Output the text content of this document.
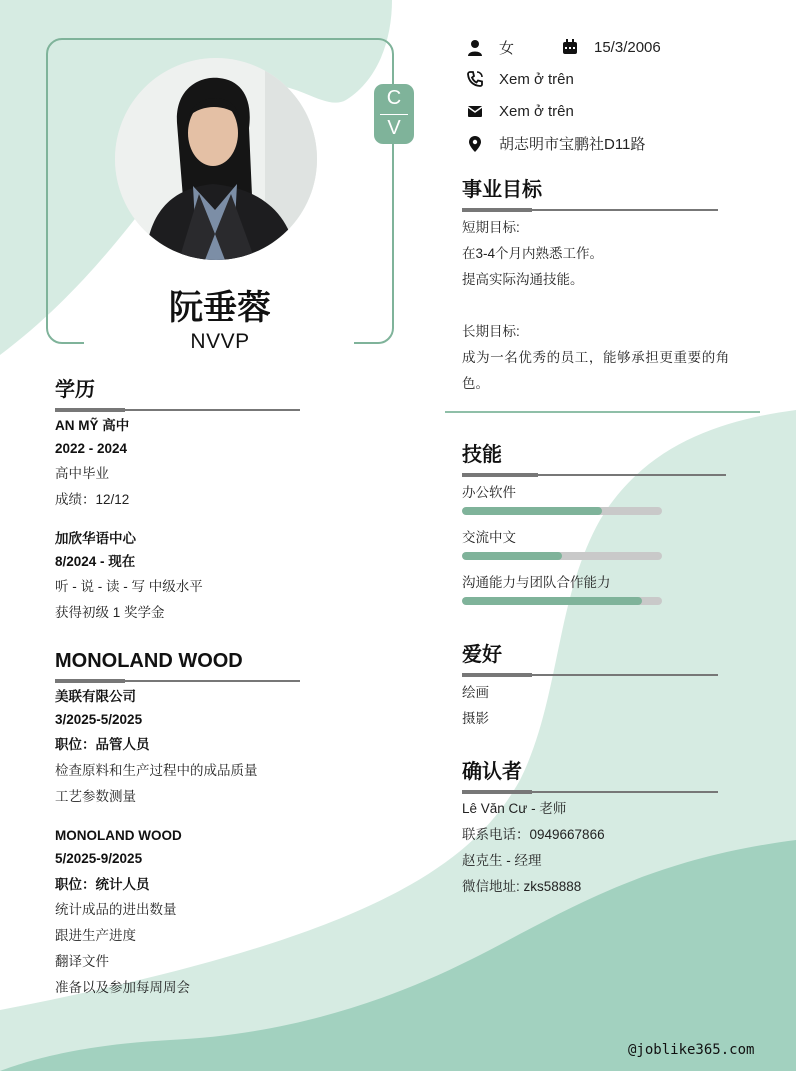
阮垂蓉
NVVP
C
V
女	15/3/2006
Xem ở trên
Xem ở trên
胡志明市宝鹏社D11路
事业目标
短期目标:
在3-4个月内熟悉工作。
提高实际沟通技能。
长期目标:
成为一名优秀的员工，能够承担更重要的角
色。
技能
办公软件
交流中文
沟通能力与团队合作能力
爱好
绘画
摄影
确认者
Lê Văn Cư - 老师
联系电话：0949667866
赵克生 - 经理
微信地址: zks58888
学历
AN MỸ 高中
2022 - 2024
高中毕业
成绩：12/12
加欣华语中心
8/2024 - 现在
听 - 说 - 读 - 写 中级水平
获得初级 1 奖学金
MONOLAND WOOD
美联有限公司
3/2025-5/2025
职位：品管人员
检查原料和生产过程中的成品质量
工艺参数测量
MONOLAND WOOD
5/2025-9/2025
职位：统计人员
统计成品的进出数量
跟进生产进度
翻译文件
准备以及参加每周周会
@joblike365.com
